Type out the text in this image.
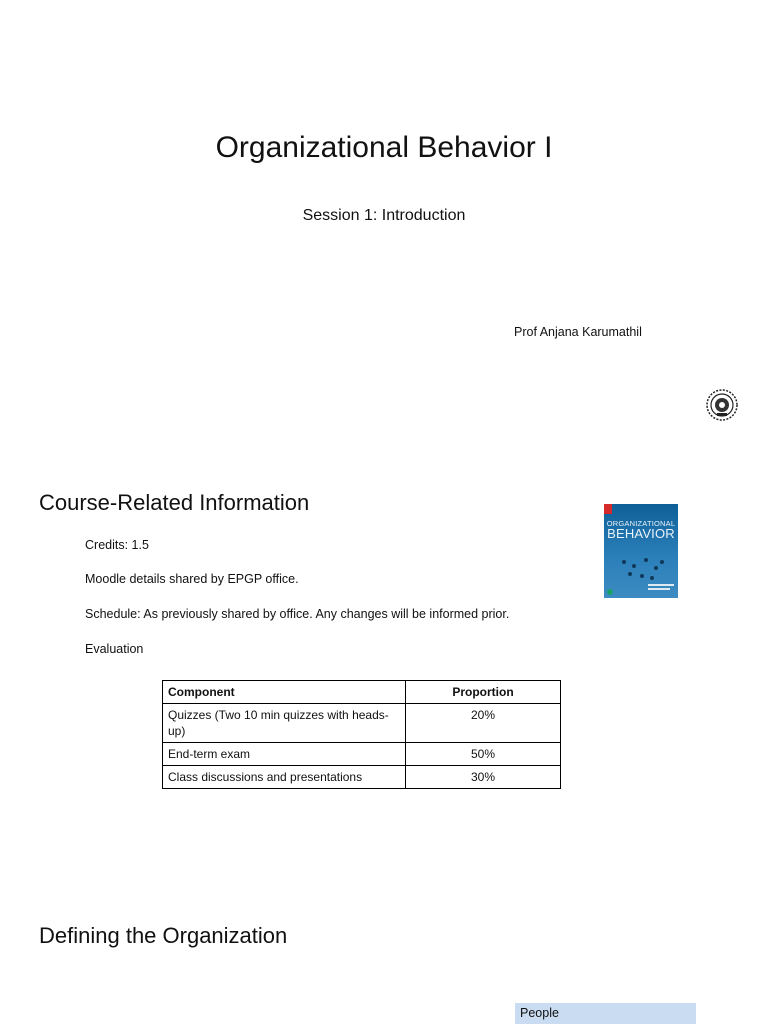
Organizational Behavior I
Session 1: Introduction
Prof Anjana Karumathil
Course-Related Information
Credits: 1.5
Moodle details shared by EPGP office.
Schedule: As previously shared by office. Any changes will be informed prior.
Evaluation
ORGANIZATIONAL
BEHAVIOR
Component	Proportion
Quizzes (Two 10 min quizzes with heads-up)	20%
End-term exam	50%
Class discussions and presentations	30%
Defining the Organization
People
